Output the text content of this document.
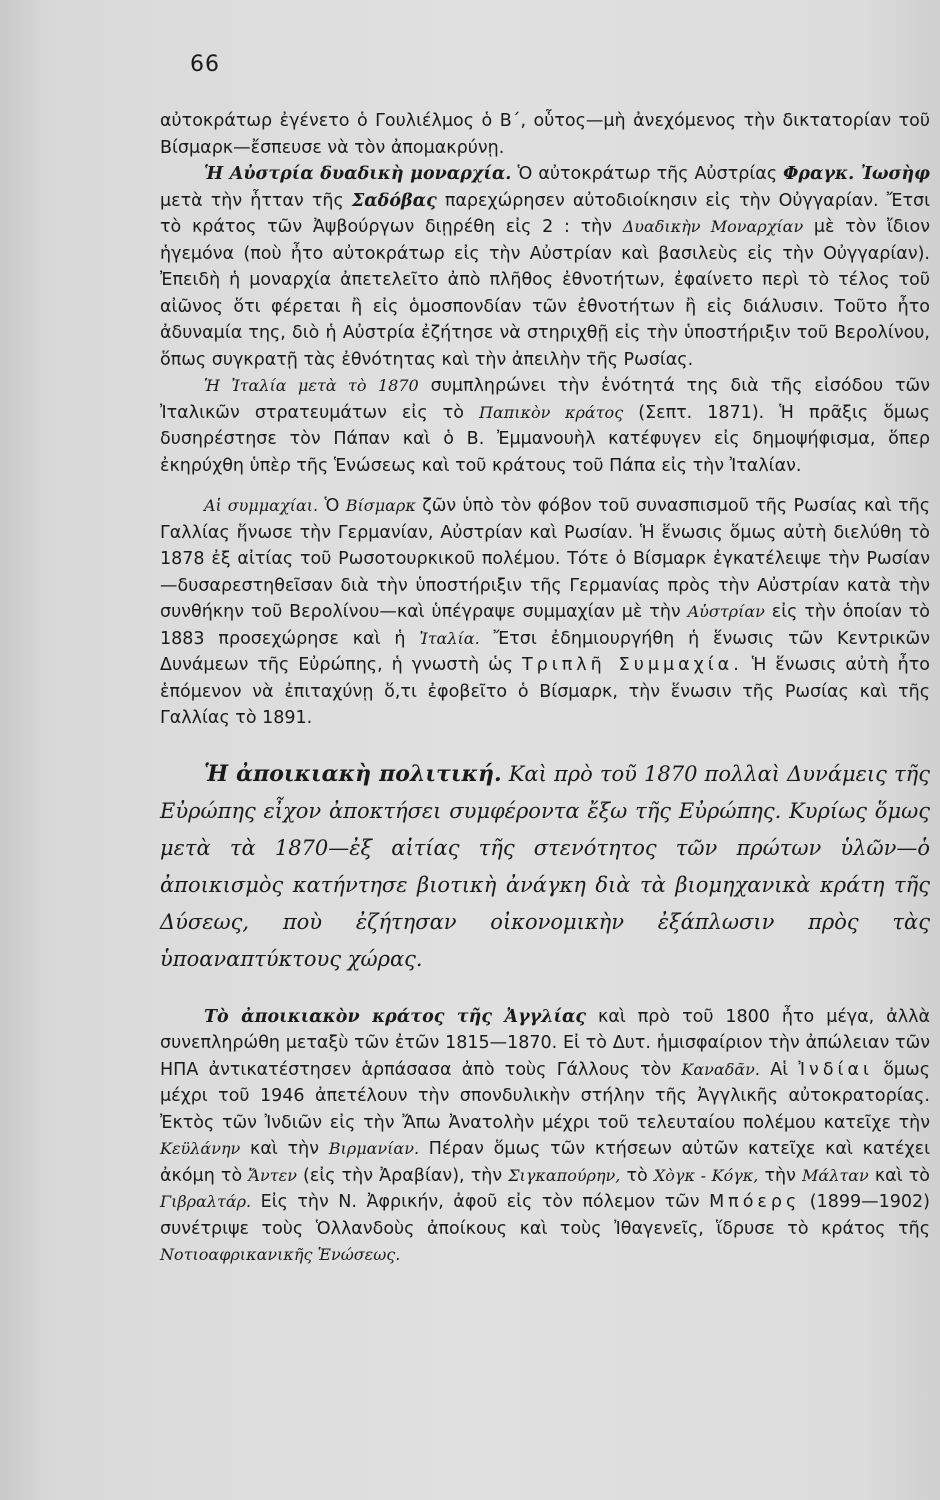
66

αὐτοκράτωρ ἐγένετο ὁ Γουλιέλμος ὁ Β΄, οὗτος—μὴ ἀνεχόμενος τὴν δικτατορίαν τοῦ Βίσμαρκ—ἔσπευσε νὰ τὸν ἀπομακρύνῃ.

Ἡ Αὐστρία δυαδικὴ μοναρχία. Ὁ αὐτοκράτωρ τῆς Αὐστρίας Φραγκ. Ἰωσὴφ μετὰ τὴν ἧτταν τῆς Σαδόβας παρεχώρησεν αὐτοδιοίκησιν εἰς τὴν Οὐγγαρίαν. Ἔτσι τὸ κράτος τῶν Ἀψβούργων διῃρέθη εἰς 2 : τὴν Δυαδικὴν Μοναρχίαν μὲ τὸν ἴδιον ἡγεμόνα (ποὺ ἦτο αὐτοκράτωρ εἰς τὴν Αὐστρίαν καὶ βασιλεὺς εἰς τὴν Οὐγγαρίαν). Ἐπειδὴ ἡ μοναρχία ἀπετελεῖτο ἀπὸ πλῆθος ἐθνοτήτων, ἐφαίνετο περὶ τὸ τέλος τοῦ αἰῶνος ὅτι φέρεται ἢ εἰς ὁμοσπονδίαν τῶν ἐθνοτήτων ἢ εἰς διάλυσιν. Τοῦτο ἦτο ἀδυναμία της, διὸ ἡ Αὐστρία ἐζήτησε νὰ στηριχθῇ εἰς τὴν ὑποστήριξιν τοῦ Βερολίνου, ὅπως συγκρατῇ τὰς ἐθνότητας καὶ τὴν ἀπειλὴν τῆς Ρωσίας.

Ἡ Ἰταλία μετὰ τὸ 1870 συμπληρώνει τὴν ἑνότητά της διὰ τῆς εἰσόδου τῶν Ἰταλικῶν στρατευμάτων εἰς τὸ Παπικὸν κράτος (Σεπτ. 1871). Ἡ πρᾶξις ὅμως δυσηρέστησε τὸν Πάπαν καὶ ὁ Β. Ἐμμανουὴλ κατέφυγεν εἰς δημοψήφισμα, ὅπερ ἐκηρύχθη ὑπὲρ τῆς Ἑνώσεως καὶ τοῦ κράτους τοῦ Πάπα εἰς τὴν Ἰταλίαν.

Αἱ συμμαχίαι. Ὁ Βίσμαρκ ζῶν ὑπὸ τὸν φόβον τοῦ συνασπισμοῦ τῆς Ρωσίας καὶ τῆς Γαλλίας ἥνωσε τὴν Γερμανίαν, Αὐστρίαν καὶ Ρωσίαν. Ἡ ἕνωσις ὅμως αὐτὴ διελύθη τὸ 1878 ἐξ αἰτίας τοῦ Ρωσοτουρκικοῦ πολέμου. Τότε ὁ Βίσμαρκ ἐγκατέλειψε τὴν Ρωσίαν—δυσαρεστηθεῖσαν διὰ τὴν ὑποστήριξιν τῆς Γερμανίας πρὸς τὴν Αὐστρίαν κατὰ τὴν συνθήκην τοῦ Βερολίνου—καὶ ὑπέγραψε συμμαχίαν μὲ τὴν Αὐστρίαν εἰς τὴν ὁποίαν τὸ 1883 προσεχώρησε καὶ ἡ Ἰταλία. Ἔτσι ἐδημιουργήθη ἡ ἕνωσις τῶν Κεντρικῶν Δυνάμεων τῆς Εὐρώπης, ἡ γνωστὴ ὡς Τριπλῆ Συμμαχία. Ἡ ἕνωσις αὐτὴ ἦτο ἑπόμενον νὰ ἐπιταχύνῃ ὅ,τι ἐφοβεῖτο ὁ Βίσμαρκ, τὴν ἕνωσιν τῆς Ρωσίας καὶ τῆς Γαλλίας τὸ 1891.

Ἡ ἀποικιακὴ πολιτική. Καὶ πρὸ τοῦ 1870 πολλαὶ Δυνάμεις τῆς Εὐρώπης εἶχον ἀποκτήσει συμφέροντα ἔξω τῆς Εὐρώπης. Κυρίως ὅμως μετὰ τὰ 1870—ἐξ αἰτίας τῆς στενότητος τῶν πρώτων ὑλῶν—ὁ ἀποικισμὸς κατήντησε βιοτικὴ ἀνάγκη διὰ τὰ βιομηχανικὰ κράτη τῆς Δύσεως, ποὺ ἐζήτησαν οἰκονομικὴν ἐξάπλωσιν πρὸς τὰς ὑποαναπτύκτους χώρας.

Τὸ ἀποικιακὸν κράτος τῆς Ἀγγλίας καὶ πρὸ τοῦ 1800 ἦτο μέγα, ἀλλὰ συνεπληρώθη μεταξὺ τῶν ἐτῶν 1815—1870. Εἰ τὸ Δυτ. ἡμισφαίριον τὴν ἀπώλειαν τῶν ΗΠΑ ἀντικατέστησεν ἁρπάσασα ἀπὸ τοὺς Γάλλους τὸν Καναδᾶν. Αἱ Ἰνδίαι ὅμως μέχρι τοῦ 1946 ἀπετέλουν τὴν σπονδυλικὴν στήλην τῆς Ἀγγλικῆς αὐτοκρατορίας. Ἐκτὸς τῶν Ἰνδιῶν εἰς τὴν Ἄπω Ἀνατολὴν μέχρι τοῦ τελευταίου πολέμου κατεῖχε τὴν Κεϋλάνην καὶ τὴν Βιρμανίαν. Πέραν ὅμως τῶν κτήσεων αὐτῶν κατεῖχε καὶ κατέχει ἀκόμη τὸ Ἄντεν (εἰς τὴν Ἀραβίαν), τὴν Σιγκαπούρην, τὸ Χὸγκ - Κόγκ, τὴν Μάλταν καὶ τὸ Γιβραλτάρ. Εἰς τὴν Ν. Ἀφρικήν, ἀφοῦ εἰς τὸν πόλεμον τῶν Μπόερς (1899—1902) συνέτριψε τοὺς Ὁλλανδοὺς ἀποίκους καὶ τοὺς Ἰθαγενεῖς, ἵδρυσε τὸ κράτος τῆς Νοτιοαφρικανικῆς Ἑνώσεως.
